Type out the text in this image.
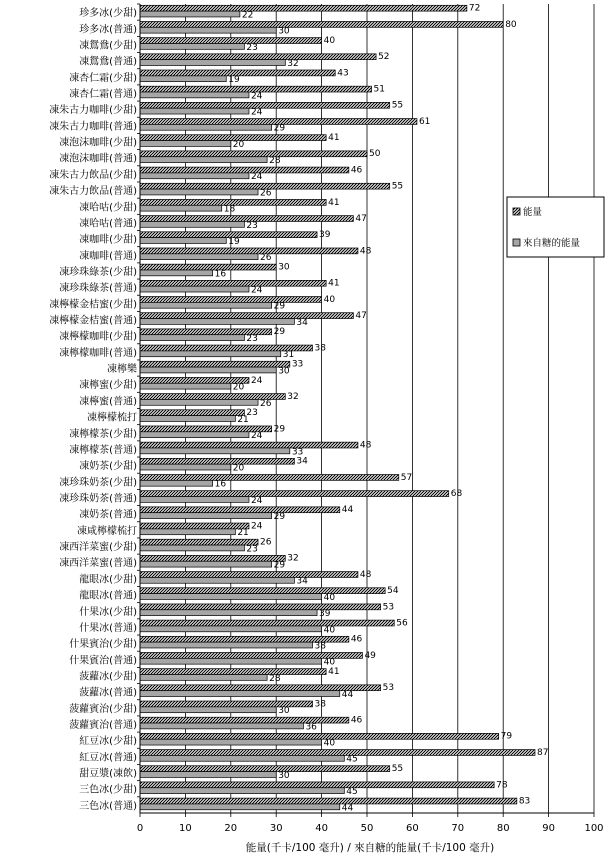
72
22
珍多冰(少甜)
80
30
珍多冰(普通)
40
23
凍鴛鴦(少甜)
52
32
凍鴛鴦(普通)
43
19
凍杏仁霜(少甜)
51
24
凍杏仁霜(普通)
55
24
凍朱古力咖啡(少甜)
61
29
凍朱古力咖啡(普通)
41
20
凍泡沫咖啡(少甜)
50
28
凍泡沫咖啡(普通)
46
24
凍朱古力飲品(少甜)
55
26
凍朱古力飲品(普通)
41
18
凍哈咕(少甜)
47
23
凍哈咕(普通)
39
19
凍咖啡(少甜)
48
26
凍咖啡(普通)
30
16
凍珍珠綠茶(少甜)
41
24
凍珍珠綠茶(普通)
40
29
凍檸檬金桔蜜(少甜)
47
34
凍檸檬金桔蜜(普通)
29
23
凍檸檬咖啡(少甜)
38
31
凍檸檬咖啡(普通)
33
30
凍檸樂
24
20
凍檸蜜(少甜)
32
26
凍檸蜜(普通)
23
21
凍檸檬梳打
29
24
凍檸檬茶(少甜)
48
33
凍檸檬茶(普通)
34
20
凍奶茶(少甜)
57
16
凍珍珠奶茶(少甜)
68
24
凍珍珠奶茶(普通)
44
29
凍奶茶(普通)
24
21
凍咸檸檬梳打
26
23
凍西洋菜蜜(少甜)
32
29
凍西洋菜蜜(普通)
48
34
龍眼冰(少甜)
54
40
龍眼冰(普通)
53
39
什果冰(少甜)
56
40
什果冰(普通)
46
38
什果賓治(少甜)
49
40
什果賓治(普通)
41
28
菠蘿冰(少甜)
53
44
菠蘿冰(普通)
38
30
菠蘿賓治(少甜)
46
36
菠蘿賓治(普通)
79
40
紅豆冰(少甜)
87
45
紅豆冰(普通)
55
30
甜豆漿(凍飲)
78
45
三色冰(少甜)
83
44
三色冰(普通)
0	10	20	30	40	50	60	70	80	90	100
能量
來自糖的能量
能量(千卡/100 毫升) / 來自糖的能量(千卡/100 毫升)
